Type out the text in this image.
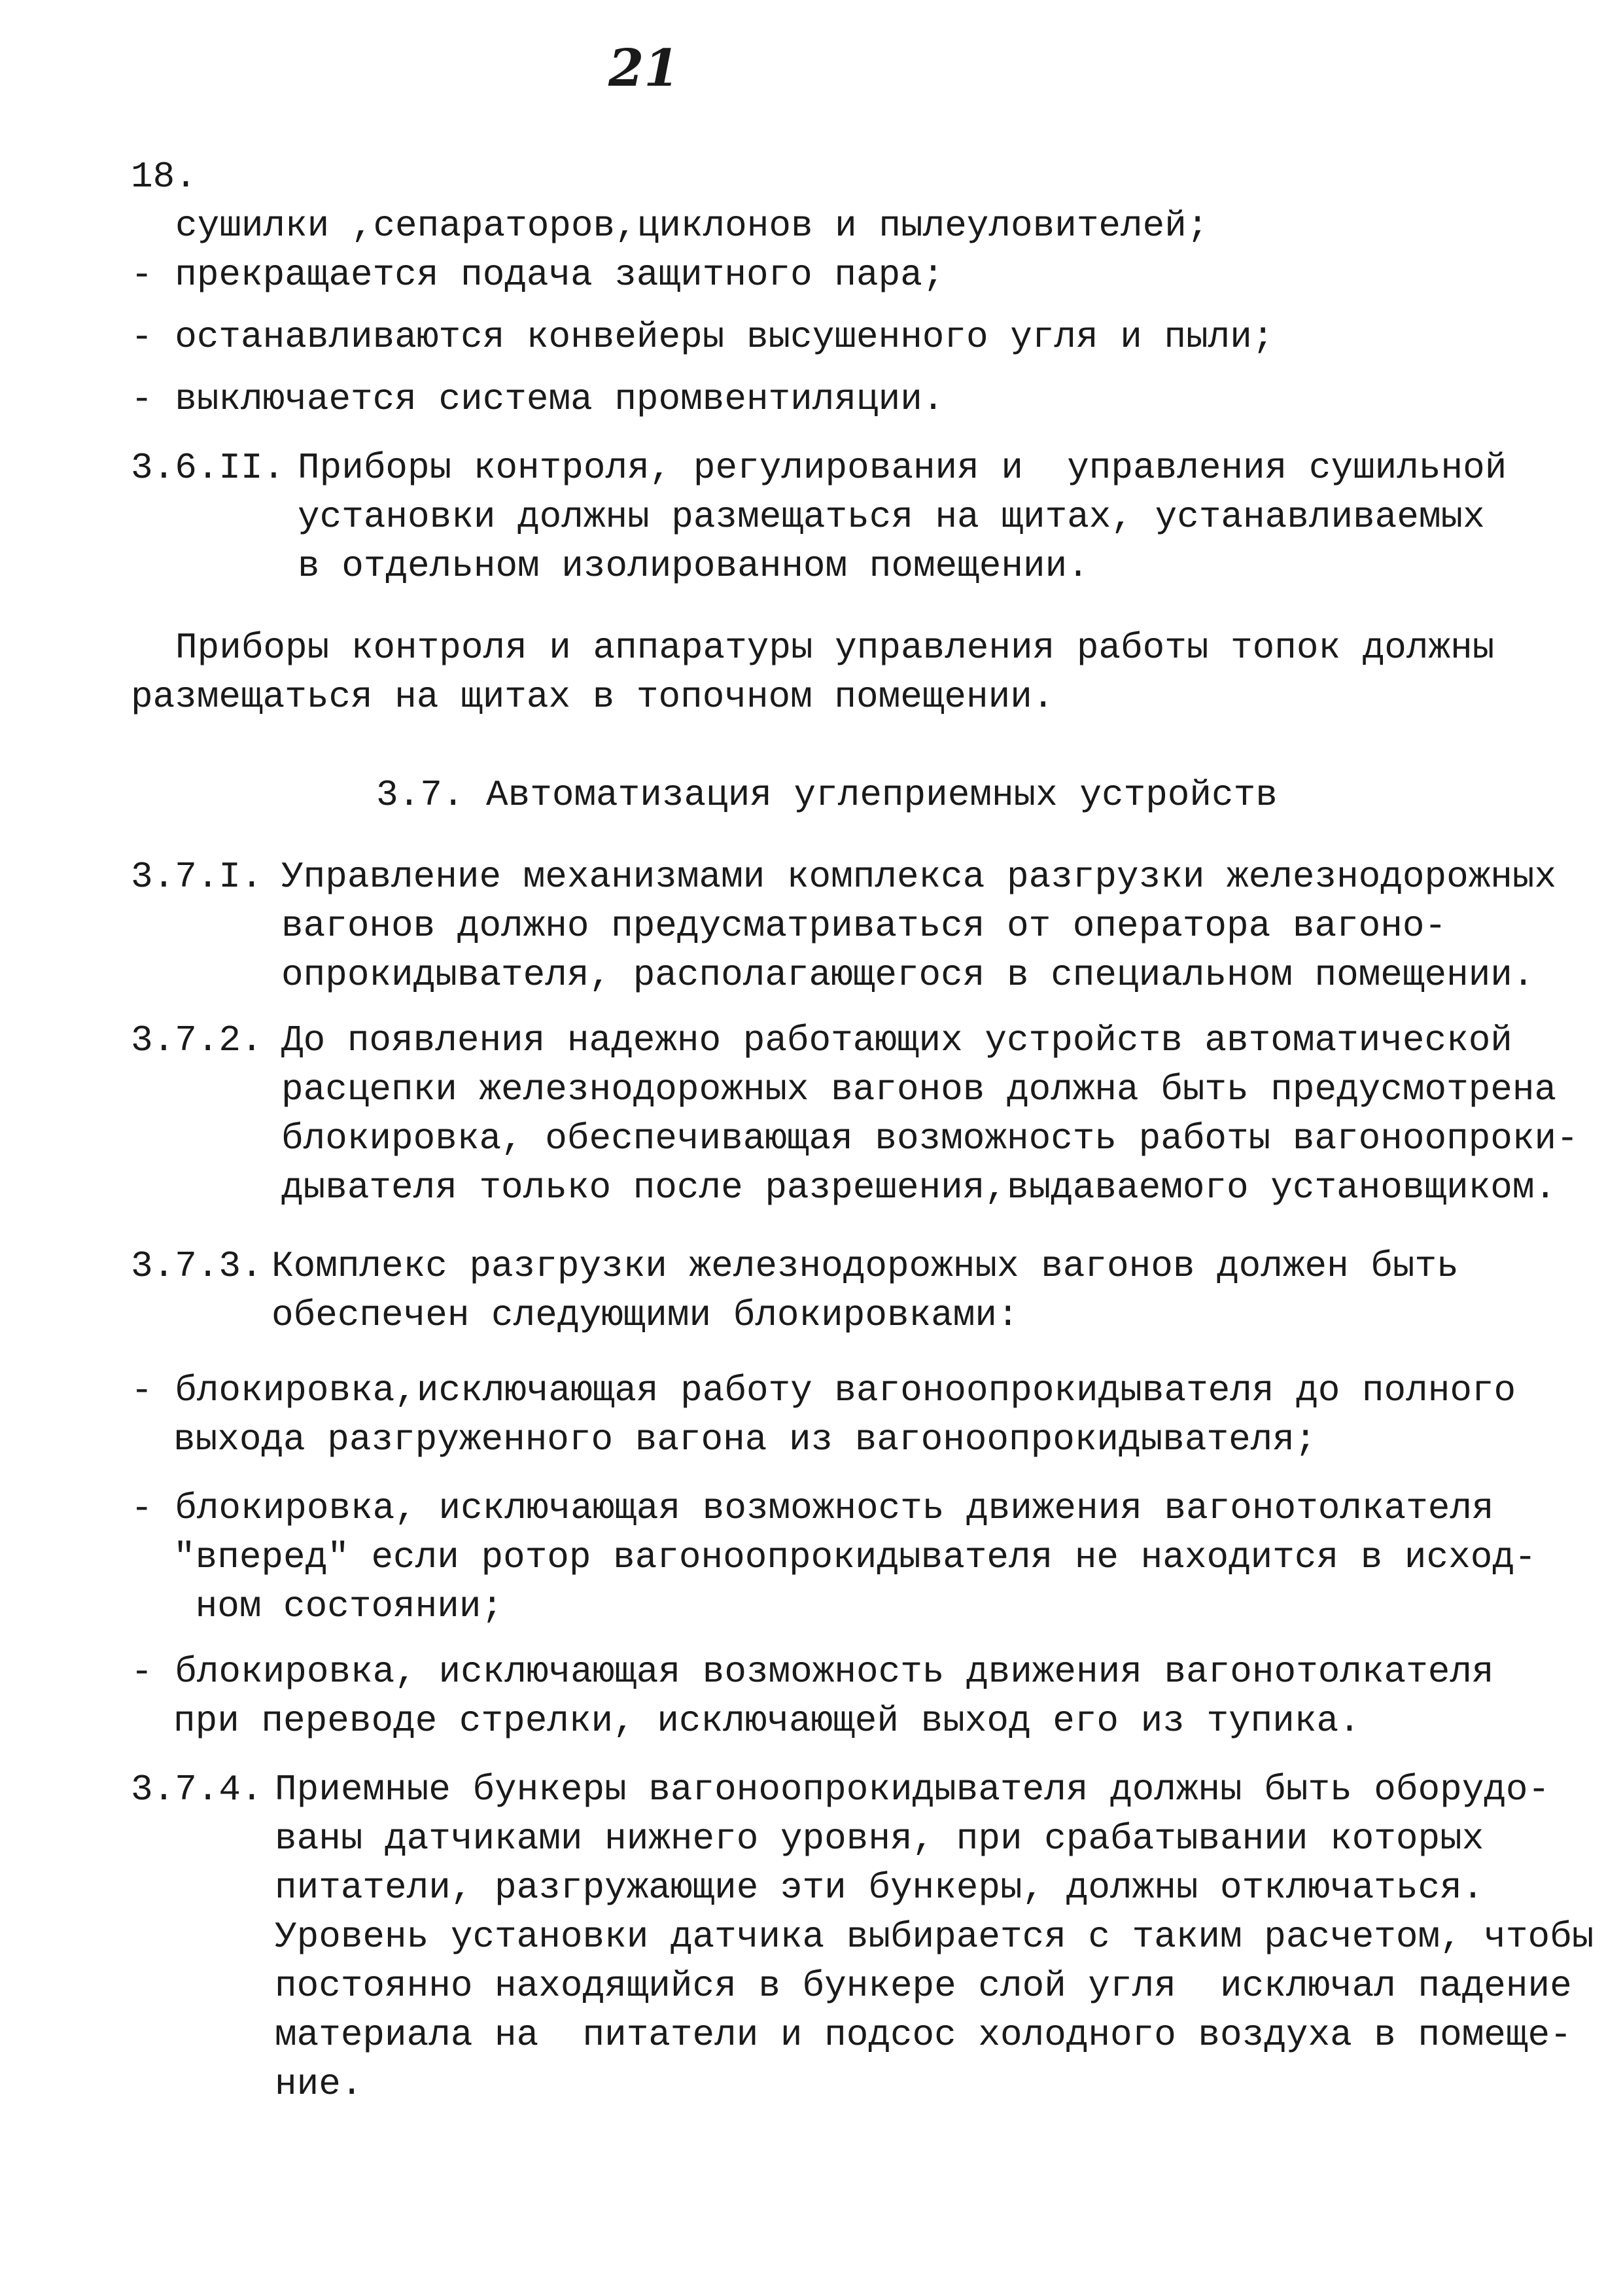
21
18.
сушилки ,сепараторов,циклонов и пылеуловителей;
- прекращается подача защитного пара;
- останавливаются конвейеры высушенного угля и пыли;
- выключается система промвентиляции.
3.6.II. Приборы контроля, регулирования и  управления сушильной
установки должны размещаться на щитах, устанавливаемых
в отдельном изолированном помещении.
Приборы контроля и аппаратуры управления работы топок должны
размещаться на щитах в топочном помещении.
3.7. Автоматизация углеприемных устройств
3.7.I. Управление механизмами комплекса разгрузки железнодорожных
вагонов должно предусматриваться от оператора вагоно-
опрокидывателя, располагающегося в специальном помещении.
3.7.2. До появления надежно работающих устройств автоматической
расцепки железнодорожных вагонов должна быть предусмотрена
блокировка, обеспечивающая возможность работы вагоноопроки-
дывателя только после разрешения,выдаваемого установщиком.
3.7.3. Комплекс разгрузки железнодорожных вагонов должен быть
обеспечен следующими блокировками:
- блокировка,исключающая работу вагоноопрокидывателя до полного
выхода разгруженного вагона из вагоноопрокидывателя;
- блокировка, исключающая возможность движения вагонотолкателя
"вперед" если ротор вагоноопрокидывателя не находится в исход-
ном состоянии;
- блокировка, исключающая возможность движения вагонотолкателя
при переводе стрелки, исключающей выход его из тупика.
3.7.4. Приемные бункеры вагоноопрокидывателя должны быть оборудо-
ваны датчиками нижнего уровня, при срабатывании которых
питатели, разгружающие эти бункеры, должны отключаться.
Уровень установки датчика выбирается с таким расчетом, чтобы
постоянно находящийся в бункере слой угля  исключал падение
материала на  питатели и подсос холодного воздуха в помеще-
ние.
